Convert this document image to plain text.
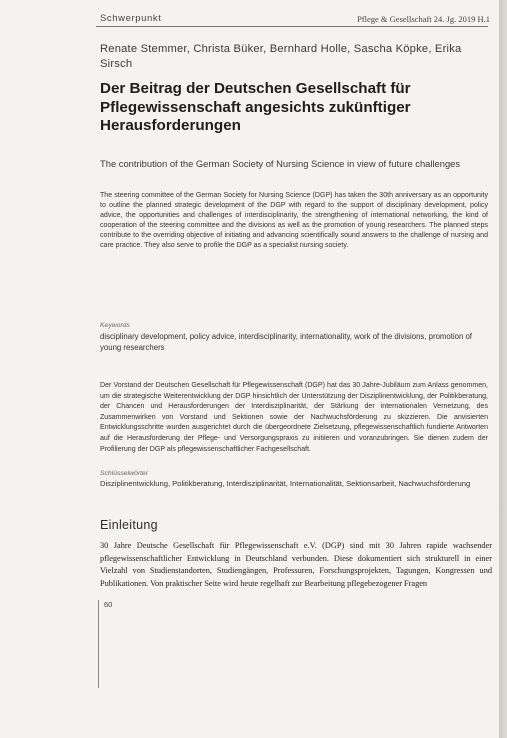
Schwerpunkt	Pflege & Gesellschaft 24. Jg. 2019 H.1
Renate Stemmer, Christa Büker, Bernhard Holle, Sascha Köpke, Erika Sirsch
Der Beitrag der Deutschen Gesellschaft für Pflegewissenschaft angesichts zukünftiger Herausforderungen
The contribution of the German Society of Nursing Science in view of future challenges
The steering committee of the German Society for Nursing Science (DGP) has taken the 30th anniversary as an opportunity to outline the planned strategic development of the DGP with regard to the support of disciplinary development, policy advice, the opportunities and challenges of interdisciplinarity, the strengthening of international networking, the kind of cooperation of the steering committee and the divisions as well as the promotion of young researchers. The planned steps contribute to the overriding objective of initiating and advancing scientifically sound answers to the challenge of nursing and care practice. They also serve to profile the DGP as a specialist nursing society.
Keywords
disciplinary development, policy advice, interdisciplinarity, internationality, work of the divisions, promotion of young researchers
Der Vorstand der Deutschen Gesellschaft für Pflegewissenschaft (DGP) hat das 30 Jahre-Jubiläum zum Anlass genommen, um die strategische Weiterentwicklung der DGP hinsichtlich der Unterstützung der Disziplinentwicklung, der Politikberatung, der Chancen und Herausforderungen der Interdisziplinarität, der Stärkung der internationalen Vernetzung, des Zusammenwirken von Vorstand und Sektionen sowie der Nachwuchsförderung zu skizzieren. Die anvisierten Entwicklungsschritte wurden ausgerichtet durch die übergeordnete Zielsetzung, pflegewissenschaftlich fundierte Antworten auf die Herausforderung der Pflege- und Versorgungspraxis zu initiieren und voranzubringen. Sie dienen zudem der Profilierung der DGP als pflegewissenschaftlicher Fachgesellschaft.
Schlüsselwörter
Disziplinentwicklung, Politikberatung, Interdisziplinarität, Internationalität, Sektionsarbeit, Nachwuchsförderung
Einleitung
30 Jahre Deutsche Gesellschaft für Pflegewissenschaft e.V. (DGP) sind mit 30 Jahren rapide wachsender pflegewissenschaftlicher Entwicklung in Deutschland verbunden. Diese dokumentiert sich strukturell in einer Vielzahl von Studienstandorten, Studiengängen, Professuren, Forschungsprojekten, Tagungen, Kongressen und Publikationen. Von praktischer Seite wird heute regelhaft zur Bearbeitung pflegebezogener Fragen
60
